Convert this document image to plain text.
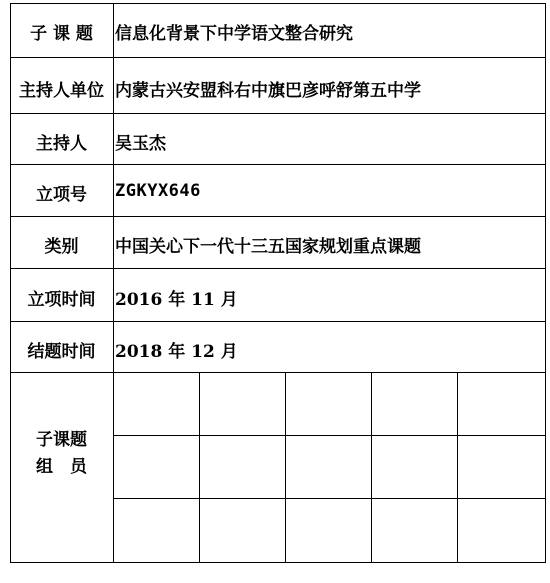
子 课 题	信息化背景下中学语文整合研究
主持人单位 内蒙古兴安盟科右中旗巴彦呼舒第五中学
主持人	吴玉杰
立项号	ZGKYX646
类别	中国关心下一代十三五国家规划重点课题
立项时间	2016 年 11 月
结题时间	2018 年 12 月
子课题
组　员
